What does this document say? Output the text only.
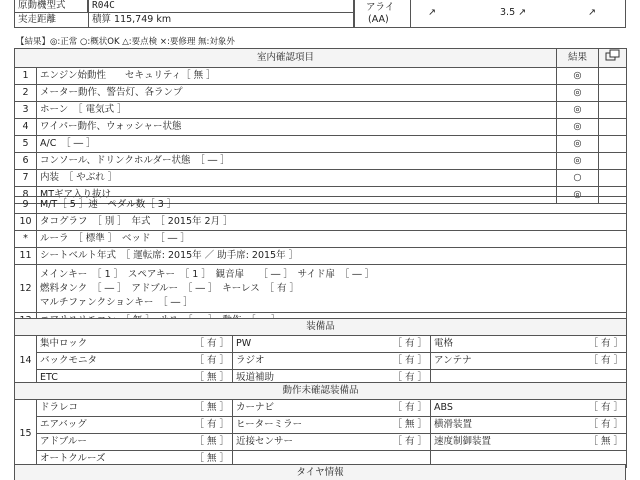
原動機型式	R04C
実走距離	積算 115,749 km
アライ
(AA)
↗	3.5 ↗	↗
【結果】◎:正常 ○:概状OK △:要点検 ×:要修理 無:対象外
室内確認項目		結果	
1	エンジン始動性　　セキュリティ［ 無 ］	◎	
2	メーター動作、警告灯、各ランプ	◎	
3	ホーン　［ 電気式 ］	◎	
4	ワイパー動作、ウォッシャー状態	◎	
5	A/C　［ ― ］	◎	
6	コンソール、ドリンクホルダー状態　［ ― ］	◎	
7	内装　［ やぶれ ］	○	
8	MTギア入り抜け	◎	
9	M/T［ 5 ］速　ペダル数［ 3 ］
10	タコグラフ　［ 別 ］　年式　［ 2015年 2月 ］
*	ルーラ　［ 標準 ］　ベッド　［ ― ］
11	シートベルト年式　［ 運転席: 2015年 ／ 助手席: 2015年 ］
12	メインキー　［ 1 ］　スペアキー　［ 1 ］　観音扉　　［ ― ］　サイド扉　［ ― ］
燃料タンク　［ ― ］　アドブルー　［ ― ］　キーレス　［ 有 ］
マルチファンクションキー　［ ― ］

装備品						
14	集中ロック	［ 有 ］	PW	［ 有 ］	電格	［ 有 ］
	バックモニタ	［ 有 ］	ラジオ	［ 有 ］	アンテナ	［ 有 ］
	ETC	［ 無 ］	坂道補助	［ 有 ］		
動作未確認装備品						
15	ドラレコ	［ 無 ］	カーナビ	［ 有 ］	ABS	［ 有 ］
	エアバッグ	［ 有 ］	ヒーターミラー	［ 無 ］	横滑装置	［ 有 ］
	アドブルー	［ 無 ］	近接センサー	［ 有 ］	速度制御装置	［ 無 ］
	オートクルーズ	［ 無 ］				
タイヤ情報
